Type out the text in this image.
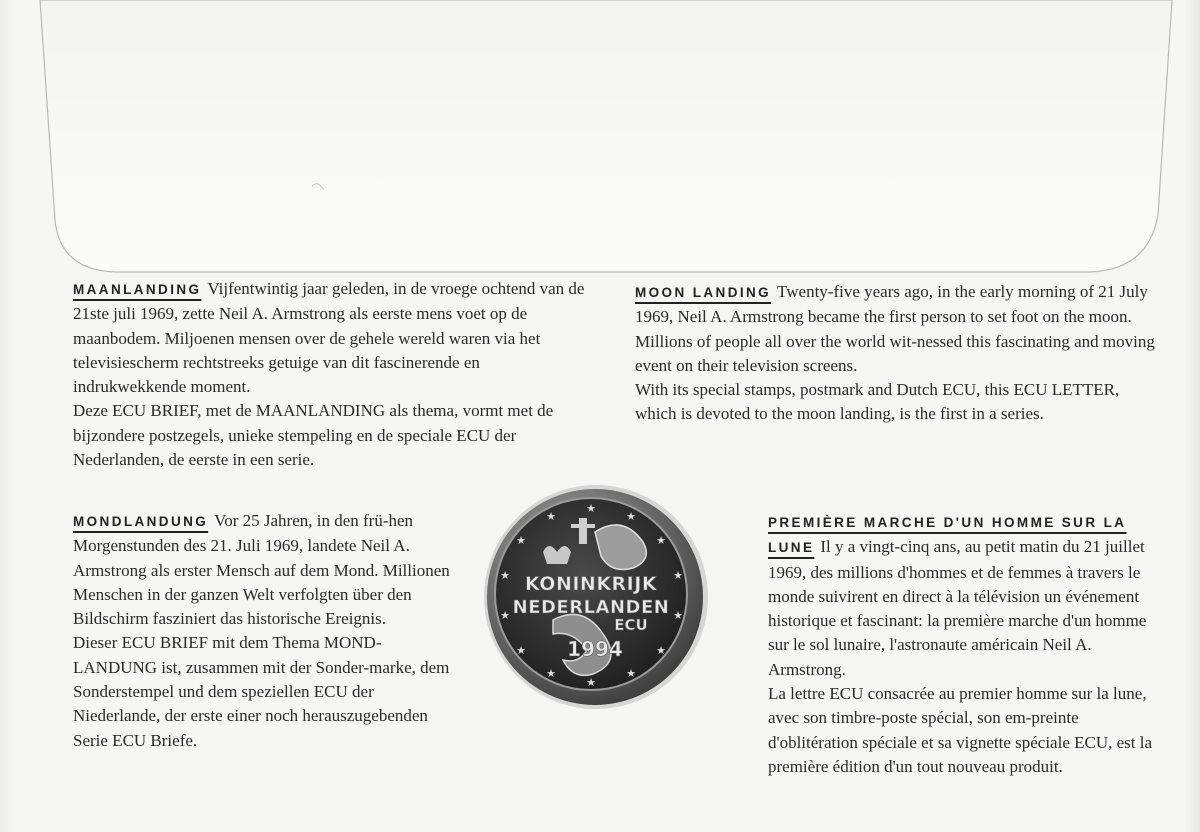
MAANLANDING Vijfentwintig jaar geleden, in de vroege ochtend van de 21ste juli 1969, zette Neil A. Armstrong als eerste mens voet op de maanbodem. Miljoenen mensen over de gehele wereld waren via het televisiescherm rechtstreeks getuige van dit fascinerende en indrukwekkende moment.
Deze ECU BRIEF, met de MAANLANDING als thema, vormt met de bijzondere postzegels, unieke stempeling en de speciale ECU der Nederlanden, de eerste in een serie.
MOON LANDING Twenty-five years ago, in the early morning of 21 July 1969, Neil A. Armstrong became the first person to set foot on the moon. Millions of people all over the world wit-nessed this fascinating and moving event on their television screens.
With its special stamps, postmark and Dutch ECU, this ECU LETTER, which is devoted to the moon landing, is the first in a series.
MONDLANDUNG Vor 25 Jahren, in den frü-hen Morgenstunden des 21. Juli 1969, landete Neil A. Armstrong als erster Mensch auf dem Mond. Millionen Menschen in der ganzen Welt verfolgten über den Bildschirm fasziniert das historische Ereignis.
Dieser ECU BRIEF mit dem Thema MOND-LANDUNG ist, zusammen mit der Sonder-marke, dem Sonderstempel und dem speziellen ECU der Niederlande, der erste einer noch herauszugebenden Serie ECU Briefe.
PREMIÈRE MARCHE D'UN HOMME SUR LA LUNE Il y a vingt-cinq ans, au petit matin du 21 juillet 1969, des millions d'hommes et de femmes à travers le monde suivirent en direct à la télévision un événement historique et fascinant: la première marche d'un homme sur le sol lunaire, l'astronaute américain Neil A. Armstrong.
La lettre ECU consacrée au premier homme sur la lune, avec son timbre-poste spécial, son em-preinte d'oblitération spéciale et sa vignette spéciale ECU, est la première édition d'un tout nouveau produit.
★
★
★
★
★
★
★
★
★
★
★
★
★
★
KONINKRIJK
NEDERLANDEN
ECU
1994
